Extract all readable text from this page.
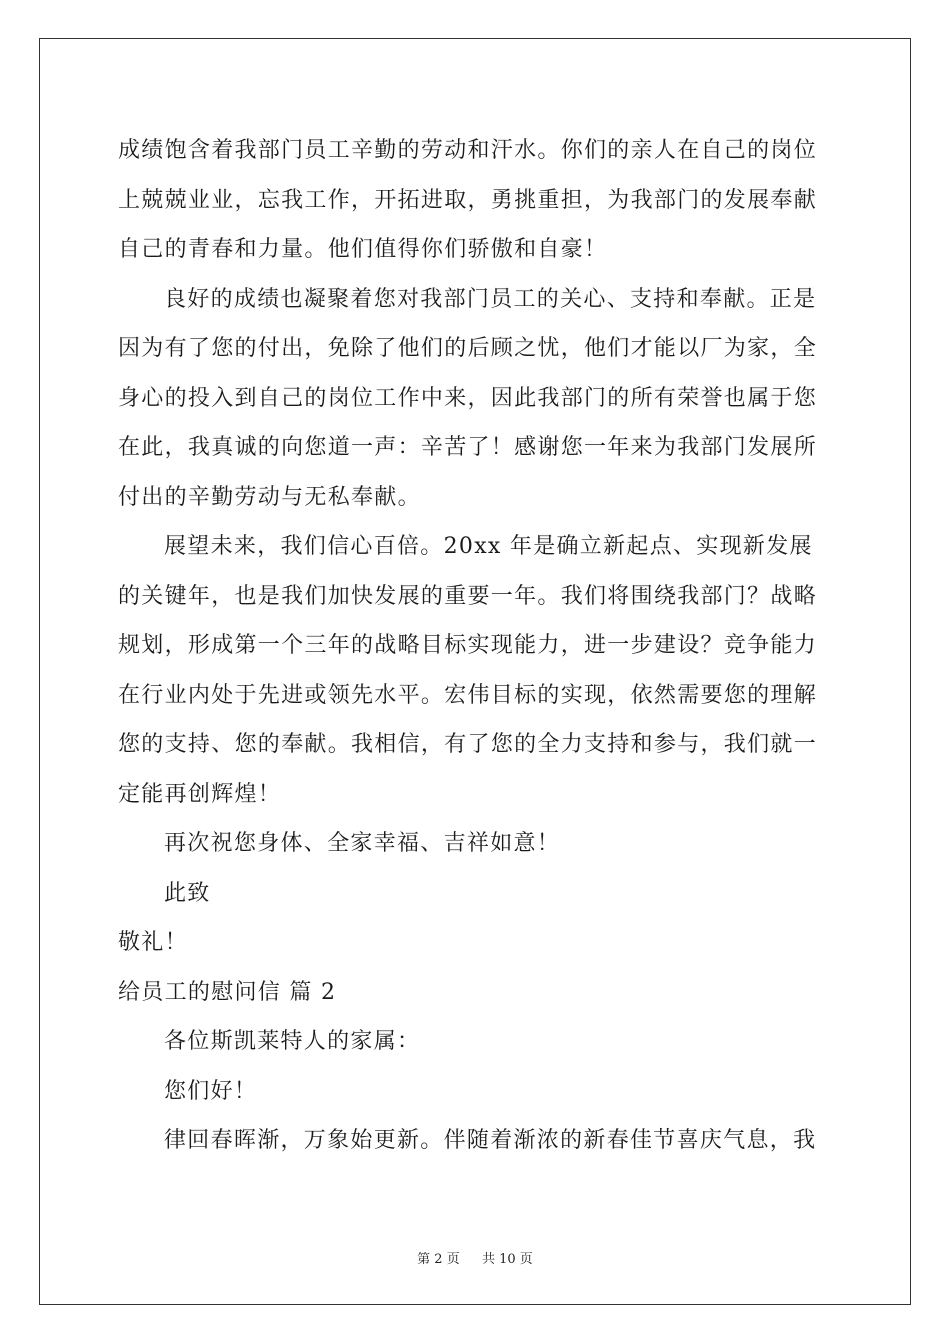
成绩饱含着我部门员工辛勤的劳动和汗水。你们的亲人在自己的岗位
上兢兢业业，忘我工作，开拓进取，勇挑重担，为我部门的发展奉献
自己的青春和力量。他们值得你们骄傲和自豪！
良好的成绩也凝聚着您对我部门员工的关心、支持和奉献。正是
因为有了您的付出，免除了他们的后顾之忧，他们才能以厂为家，全
身心的投入到自己的岗位工作中来，因此我部门的所有荣誉也属于您
在此，我真诚的向您道一声：辛苦了！感谢您一年来为我部门发展所
付出的辛勤劳动与无私奉献。
展望未来，我们信心百倍。20xx 年是确立新起点、实现新发展
的关键年，也是我们加快发展的重要一年。我们将围绕我部门？战略
规划，形成第一个三年的战略目标实现能力，进一步建设？竞争能力
在行业内处于先进或领先水平。宏伟目标的实现，依然需要您的理解
您的支持、您的奉献。我相信，有了您的全力支持和参与，我们就一
定能再创辉煌！
再次祝您身体、全家幸福、吉祥如意！
此致
敬礼！
给员工的慰问信 篇 2
各位斯凯莱特人的家属：
您们好！
律回春晖渐，万象始更新。伴随着渐浓的新春佳节喜庆气息，我
第 2 页 共 10 页
